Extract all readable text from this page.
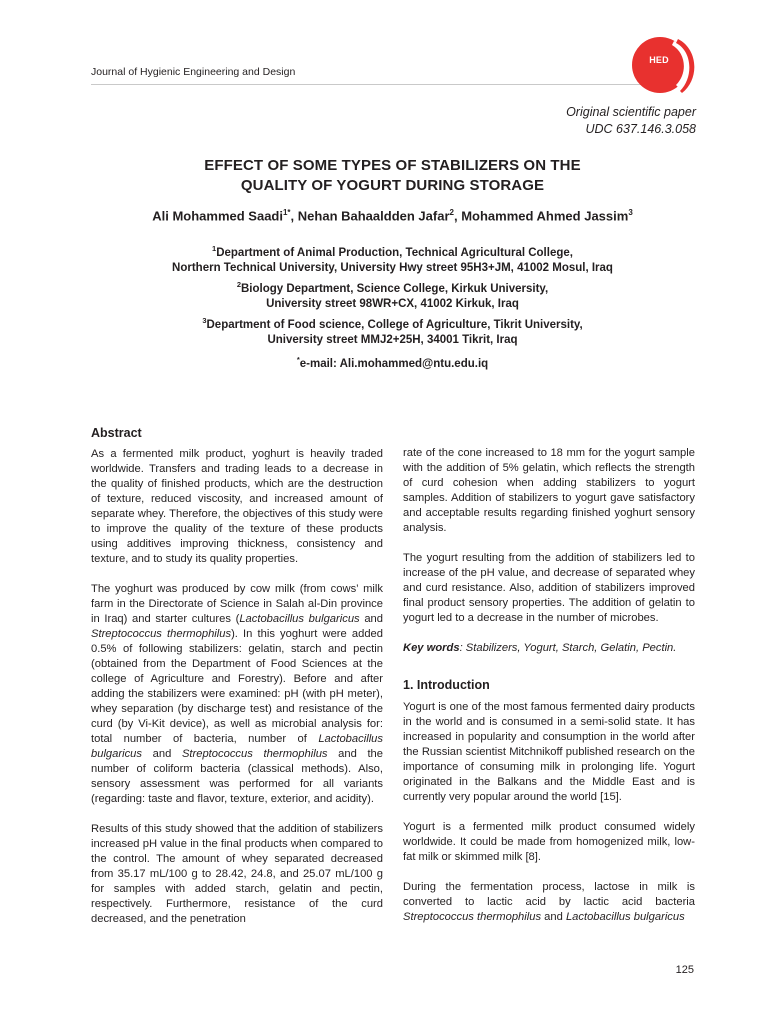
Journal of Hygienic Engineering and Design
HED
Original scientific paper
UDC 637.146.3.058
EFFECT OF SOME TYPES OF STABILIZERS ON THE
QUALITY OF YOGURT DURING STORAGE
Ali Mohammed Saadi$^{1*}$, Nehan Bahaaldden Jafar$^2$, Mohammed Ahmed Jassim$^3$
$^1$Department of Animal Production, Technical Agricultural College,
Northern Technical University, University Hwy street 95H3+JM, 41002 Mosul, Iraq
$^2$Biology Department, Science College, Kirkuk University,
University street 98WR+CX, 41002 Kirkuk, Iraq
$^3$Department of Food science, College of Agriculture, Tikrit University,
University street MMJ2+25H, 34001 Tikrit, Iraq
*e-mail: Ali.mohammed@ntu.edu.iq
Abstract

As a fermented milk product, yoghurt is heavily traded worldwide. Transfers and trading leads to a decrease in the quality of finished products, which are the destruction of texture, reduced viscosity, and increased amount of separate whey. Therefore, the objectives of this study were to improve the quality of the texture of these products using additives improving thickness, consistency and texture, and to study its quality properties.

The yoghurt was produced by cow milk (from cows’ milk farm in the Directorate of Science in Salah al-Din province in Iraq) and starter cultures (Lactobacillus bulgaricus and Streptococcus thermophilus). In this yoghurt were added 0.5% of following stabilizers: gelatin, starch and pectin (obtained from the Department of Food Sciences at the college of Agriculture and Forestry). Before and after adding the stabilizers were examined: pH (with pH meter), whey separation (by discharge test) and resistance of the curd (by Vi-Kit device), as well as microbial analysis for: total number of bacteria, number of Lactobacillus bulgaricus and Streptococcus thermophilus and the number of coliform bacteria (classical methods). Also, sensory assessment was performed for all variants (regarding: taste and flavor, texture, exterior, and acidity).

Results of this study showed that the addition of stabilizers increased pH value in the final products when compared to the control. The amount of whey separated decreased from 35.17 mL/100 g to 28.42, 24.8, and 25.07 mL/100 g for samples with added starch, gelatin and pectin, respectively. Furthermore, resistance of the curd decreased, and the penetration

rate of the cone increased to 18 mm for the yogurt sample with the addition of 5% gelatin, which reflects the strength of curd cohesion when adding stabilizers to yogurt samples. Addition of stabilizers to yogurt gave satisfactory and acceptable results regarding finished yoghurt sensory analysis.

The yogurt resulting from the addition of stabilizers led to increase of the pH value, and decrease of separated whey and curd resistance. Also, addition of stabilizers improved final product sensory properties. The addition of gelatin to yogurt led to a decrease in the number of microbes.

Key words: Stabilizers, Yogurt, Starch, Gelatin, Pectin.

1. Introduction

Yogurt is one of the most famous fermented dairy products in the world and is consumed in a semi-solid state. It has increased in popularity and consumption in the world after the Russian scientist Mitchnikoff published research on the importance of consuming milk in prolonging life. Yogurt originated in the Balkans and the Middle East and is currently very popular around the world [15].

Yogurt is a fermented milk product consumed widely worldwide. It could be made from homogenized milk, low-fat milk or skimmed milk [8].

During the fermentation process, lactose in milk is converted to lactic acid by lactic acid bacteria Streptococcus thermophilus and Lactobacillus bulgaricus

125
